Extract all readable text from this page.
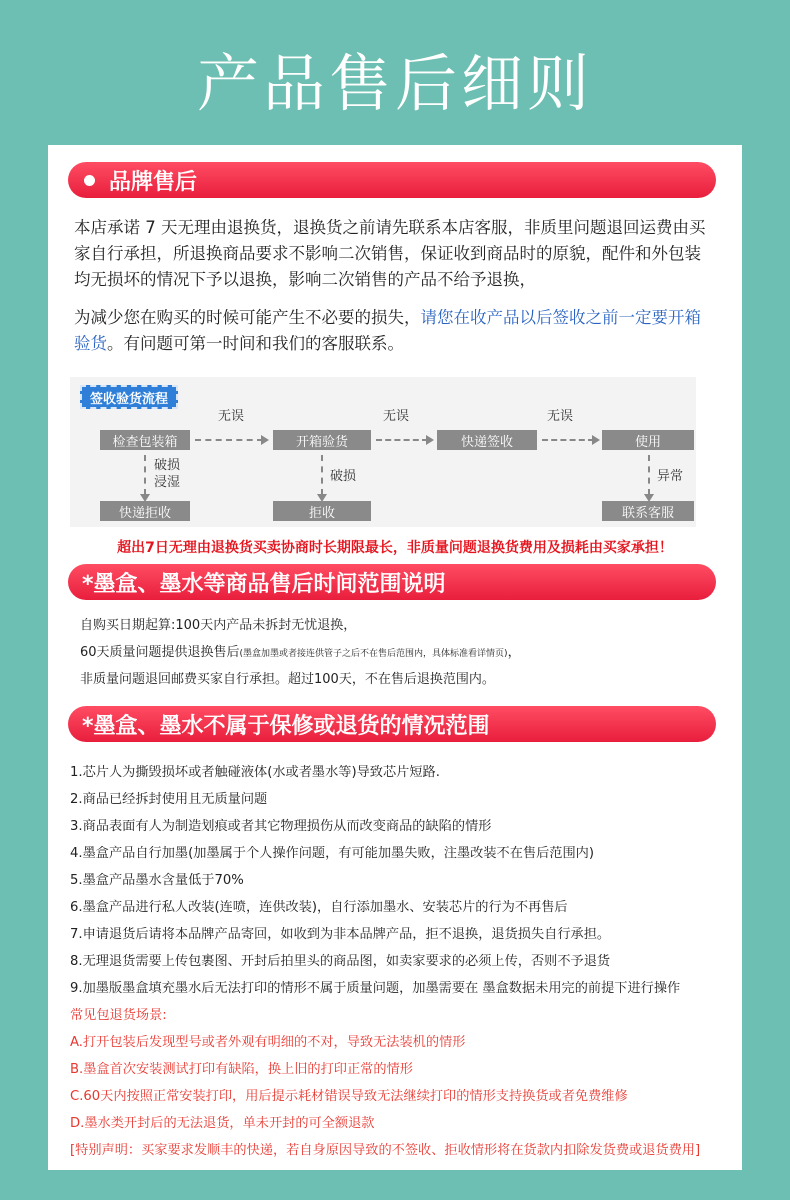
产品售后细则
品牌售后
本店承诺 7 天无理由退换货，退换货之前请先联系本店客服，非质里问题退回运费由买家自行承担，所退换商品要求不影响二次销售，保证收到商品时的原貌，配件和外包装均无损坏的情况下予以退换，影响二次销售的产品不给予退换，
为减少您在购买的时候可能产生不必要的损失，请您在收产品以后签收之前一定要开箱验货。有问题可第一时间和我们的客服联系。
签收验货流程
检查包装箱	开箱验货	快递签收	使用
无误	无误	无误
破损
浸湿	破损	异常
快递拒收	拒收	联系客服
超出7日无理由退换货买卖协商时长期限最长，非质量问题退换货费用及损耗由买家承担！
*墨盒、墨水等商品售后时间范围说明
自购买日期起算:100天内产品未拆封无忧退换，
60天质量问题提供退换售后(墨盒加墨或者接连供管子之后不在售后范围内，具体标准看详情页)，
非质量问题退回邮费买家自行承担。超过100天，不在售后退换范围内。
*墨盒、墨水不属于保修或退货的情况范围
1.芯片人为撕毁损坏或者触碰液体(水或者墨水等)导致芯片短路.
2.商品已经拆封使用且无质量问题
3.商品表面有人为制造划痕或者其它物理损伤从而改变商品的缺陷的情形
4.墨盒产品自行加墨(加墨属于个人操作问题，有可能加墨失败，注墨改装不在售后范围内)
5.墨盒产品墨水含量低于70%
6.墨盒产品进行私人改装(连喷，连供改装)，自行添加墨水、安装芯片的行为不再售后
7.申请退货后请将本品牌产品寄回，如收到为非本品牌产品，拒不退换，退货损失自行承担。
8.无理退货需要上传包裹图、开封后拍里头的商品图，如卖家要求的必须上传，否则不予退货
9.加墨版墨盒填充墨水后无法打印的情形不属于质量问题，加墨需要在 墨盒数据未用完的前提下进行操作
常见包退货场景:
A.打开包装后发现型号或者外观有明细的不对，导致无法装机的情形
B.墨盒首次安装测试打印有缺陷，换上旧的打印正常的情形
C.60天内按照正常安装打印，用后提示耗材错误导致无法继续打印的情形支持换货或者免费维修
D.墨水类开封后的无法退货，单未开封的可全额退款
[特别声明：买家要求发顺丰的快递，若自身原因导致的不签收、拒收情形将在货款内扣除发货费或退货费用]
